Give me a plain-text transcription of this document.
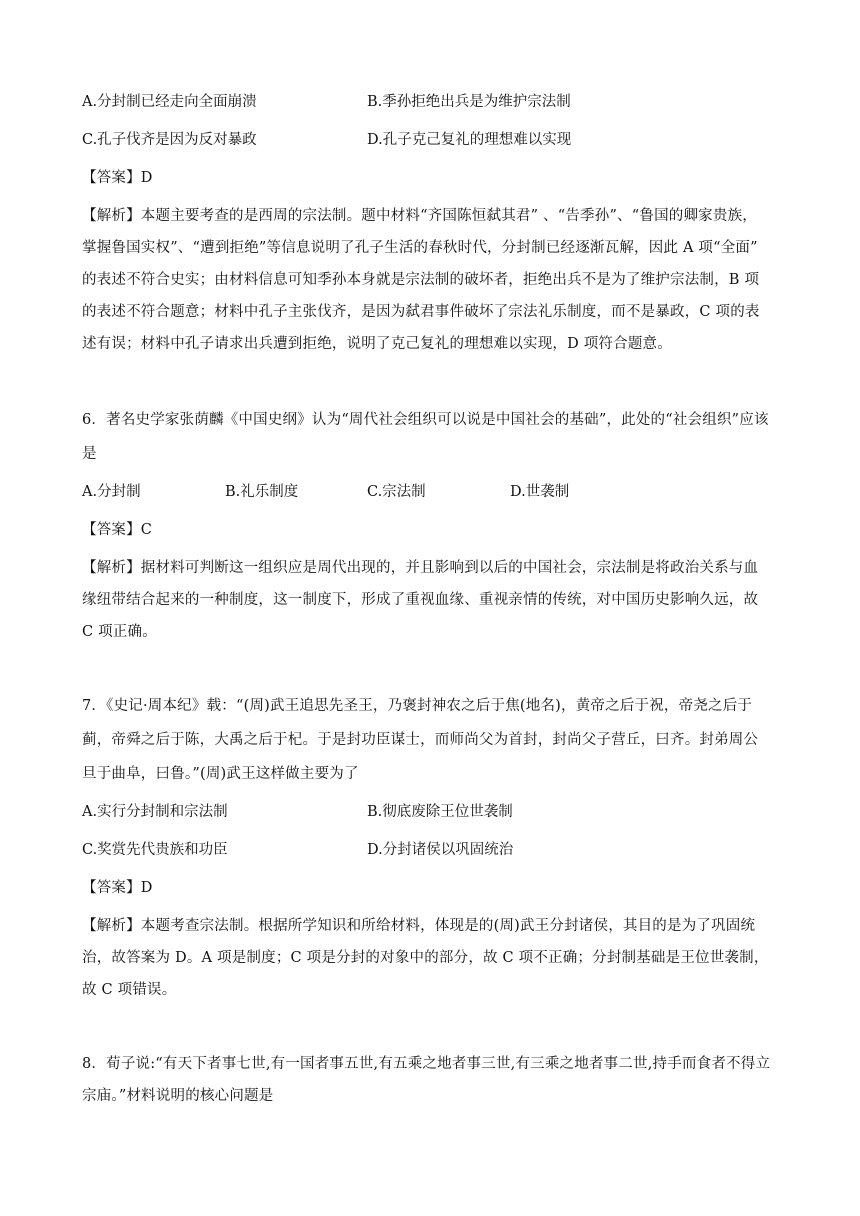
A.分封制已经走向全面崩溃	B.季孙拒绝出兵是为维护宗法制
C.孔子伐齐是因为反对暴政	D.孔子克己复礼的理想难以实现
【答案】D
【解析】本题主要考查的是西周的宗法制。题中材料“齐国陈恒弑其君” 、“告季孙”、“鲁国的卿家贵族，
掌握鲁国实权”、“遭到拒绝”等信息说明了孔子生活的春秋时代，分封制已经逐渐瓦解，因此 A 项“全面”
的表述不符合史实；由材料信息可知季孙本身就是宗法制的破坏者，拒绝出兵不是为了维护宗法制，B 项
的表述不符合题意；材料中孔子主张伐齐，是因为弑君事件破坏了宗法礼乐制度，而不是暴政，C 项的表
述有误；材料中孔子请求出兵遭到拒绝，说明了克己复礼的理想难以实现，D 项符合题意。
6．著名史学家张荫麟《中国史纲》认为“周代社会组织可以说是中国社会的基础”，此处的“社会组织”应该
是
A.分封制	B.礼乐制度	C.宗法制	D.世袭制
【答案】C
【解析】据材料可判断这一组织应是周代出现的，并且影响到以后的中国社会，宗法制是将政治关系与血
缘纽带结合起来的一种制度，这一制度下，形成了重视血缘、重视亲情的传统，对中国历史影响久远，故
C 项正确。
7．《史记·周本纪》载：“(周)武王追思先圣王，乃褒封神农之后于焦(地名)，黄帝之后于祝，帝尧之后于
蓟，帝舜之后于陈，大禹之后于杞。于是封功臣谋士，而师尚父为首封，封尚父子营丘，曰齐。封弟周公
旦于曲阜，曰鲁。”(周)武王这样做主要为了
A.实行分封制和宗法制	B.彻底废除王位世袭制
C.奖赏先代贵族和功臣	D.分封诸侯以巩固统治
【答案】D
【解析】本题考查宗法制。根据所学知识和所给材料，体现是的(周)武王分封诸侯，其目的是为了巩固统
治，故答案为 D。A 项是制度；C 项是分封的对象中的部分，故 C 项不正确；分封制基础是王位世袭制，
故 C 项错误。
8．荀子说:“有天下者事七世,有一国者事五世,有五乘之地者事三世,有三乘之地者事二世,持手而食者不得立
宗庙。”材料说明的核心问题是
